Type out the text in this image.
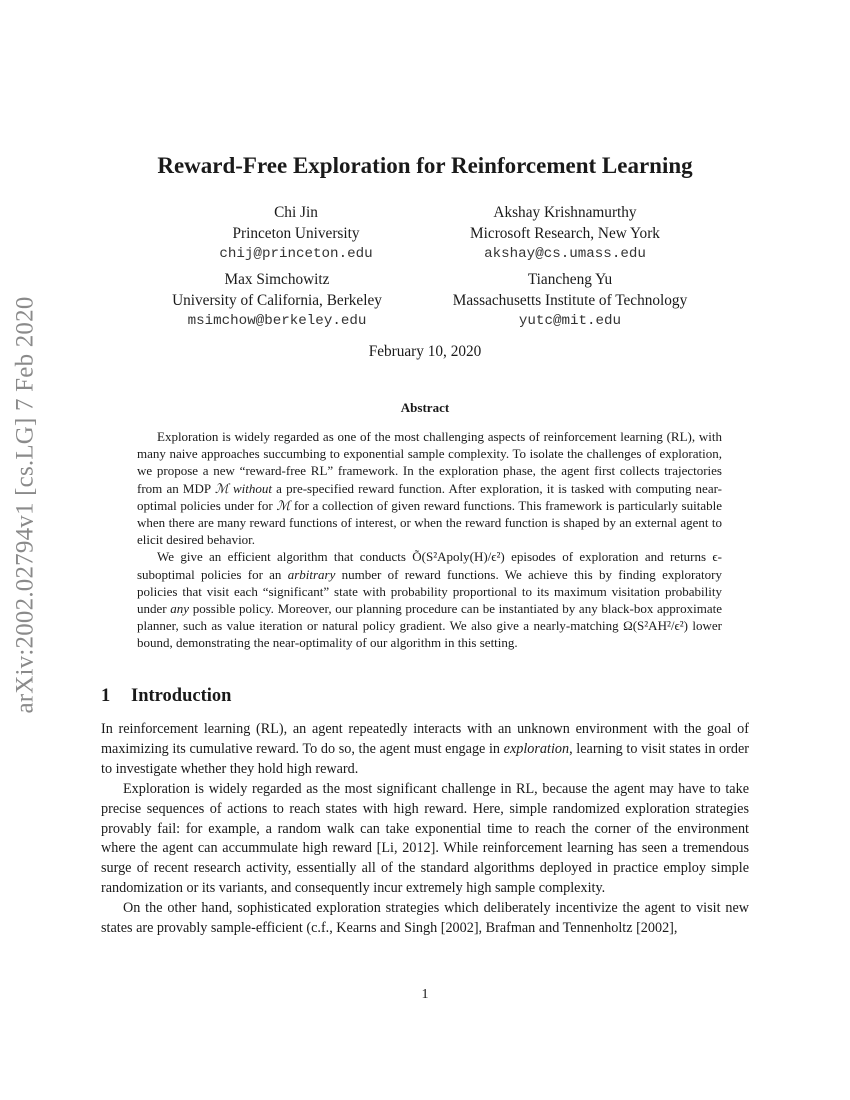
arXiv:2002.02794v1 [cs.LG] 7 Feb 2020
Reward-Free Exploration for Reinforcement Learning
Chi Jin
Princeton University
chij@princeton.edu
Akshay Krishnamurthy
Microsoft Research, New York
akshay@cs.umass.edu
Max Simchowitz
University of California, Berkeley
msimchow@berkeley.edu
Tiancheng Yu
Massachusetts Institute of Technology
yutc@mit.edu
February 10, 2020
Abstract

Exploration is widely regarded as one of the most challenging aspects of reinforcement learning (RL), with many naive approaches succumbing to exponential sample complexity. To isolate the challenges of exploration, we propose a new “reward-free RL” framework. In the exploration phase, the agent first collects trajectories from an MDP ℳ without a pre-specified reward function. After exploration, it is tasked with computing near-optimal policies under for ℳ for a collection of given reward functions. This framework is particularly suitable when there are many reward functions of interest, or when the reward function is shaped by an external agent to elicit desired behavior.

We give an efficient algorithm that conducts Õ(S²Apoly(H)/ϵ²) episodes of exploration and returns ϵ-suboptimal policies for an arbitrary number of reward functions. We achieve this by finding exploratory policies that visit each “significant” state with probability proportional to its maximum visitation probability under any possible policy. Moreover, our planning procedure can be instantiated by any black-box approximate planner, such as value iteration or natural policy gradient. We also give a nearly-matching Ω(S²AH²/ϵ²) lower bound, demonstrating the near-optimality of our algorithm in this setting.

1 Introduction

In reinforcement learning (RL), an agent repeatedly interacts with an unknown environment with the goal of maximizing its cumulative reward. To do so, the agent must engage in exploration, learning to visit states in order to investigate whether they hold high reward.

Exploration is widely regarded as the most significant challenge in RL, because the agent may have to take precise sequences of actions to reach states with high reward. Here, simple randomized exploration strategies provably fail: for example, a random walk can take exponential time to reach the corner of the environment where the agent can accummulate high reward [Li, 2012]. While reinforcement learning has seen a tremendous surge of recent research activity, essentially all of the standard algorithms deployed in practice employ simple randomization or its variants, and consequently incur extremely high sample complexity.

On the other hand, sophisticated exploration strategies which deliberately incentivize the agent to visit new states are provably sample-efficient (c.f., Kearns and Singh [2002], Brafman and Tennenholtz [2002],

1
